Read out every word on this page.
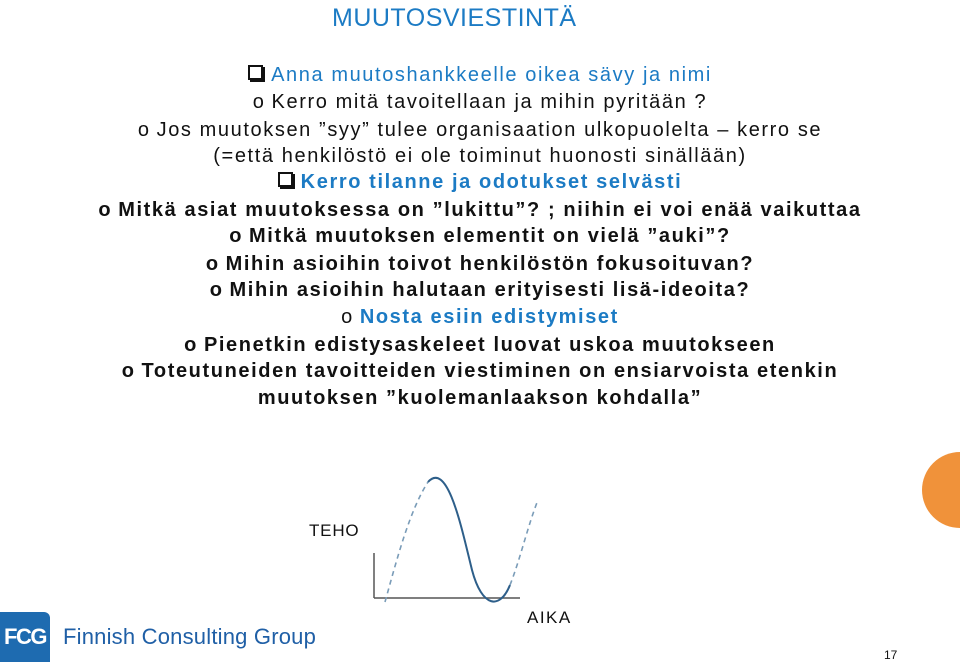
MUUTOSVIESTINTÄ
Anna muutoshankkeelle oikea sävy ja nimi
o Kerro mitä tavoitellaan ja mihin pyritään ?
o Jos muutoksen ”syy” tulee organisaation ulkopuolelta – kerro se
(=että henkilöstö ei ole toiminut huonosti sinällään)
Kerro tilanne ja odotukset selvästi
o Mitkä asiat muutoksessa on ”lukittu”? ; niihin ei voi enää vaikuttaa
o Mitkä muutoksen elementit on vielä ”auki”?
o Mihin asioihin toivot henkilöstön fokusoituvan?
o Mihin asioihin halutaan erityisesti lisä-ideoita?
o Nosta esiin edistymiset
o Pienetkin edistysaskeleet luovat uskoa muutokseen
o Toteutuneiden tavoitteiden viestiminen on ensiarvoista etenkin
muutoksen ”kuolemanlaakson kohdalla”
TEHO
AIKA
FCG Finnish Consulting Group
17
